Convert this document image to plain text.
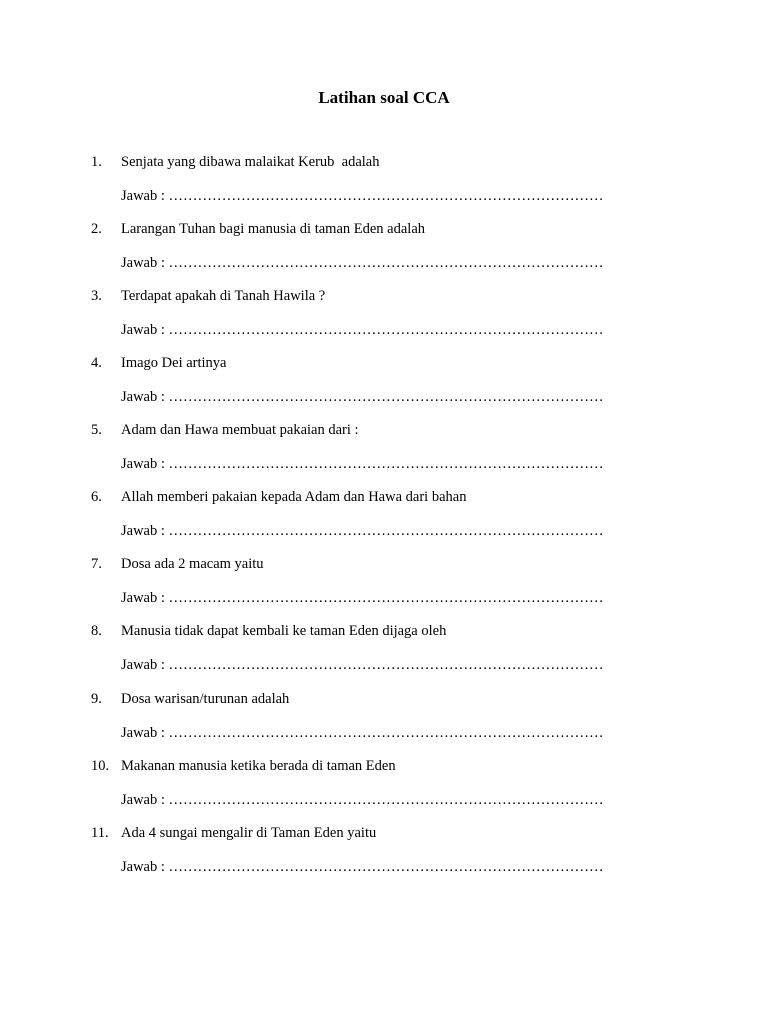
Latihan soal CCA
1. Senjata yang dibawa malaikat Kerub  adalah
Jawab : ………………………………………………………………………………
2. Larangan Tuhan bagi manusia di taman Eden adalah
Jawab : ………………………………………………………………………………
3. Terdapat apakah di Tanah Hawila ?
Jawab : ………………………………………………………………………………
4. Imago Dei artinya
Jawab : ………………………………………………………………………………
5. Adam dan Hawa membuat pakaian dari :
Jawab : ………………………………………………………………………………
6. Allah memberi pakaian kepada Adam dan Hawa dari bahan
Jawab : ………………………………………………………………………………
7. Dosa ada 2 macam yaitu
Jawab : ………………………………………………………………………………
8. Manusia tidak dapat kembali ke taman Eden dijaga oleh
Jawab : ………………………………………………………………………………
9. Dosa warisan/turunan adalah
Jawab : ………………………………………………………………………………
10. Makanan manusia ketika berada di taman Eden
Jawab : ………………………………………………………………………………
11. Ada 4 sungai mengalir di Taman Eden yaitu
Jawab : ………………………………………………………………………………
